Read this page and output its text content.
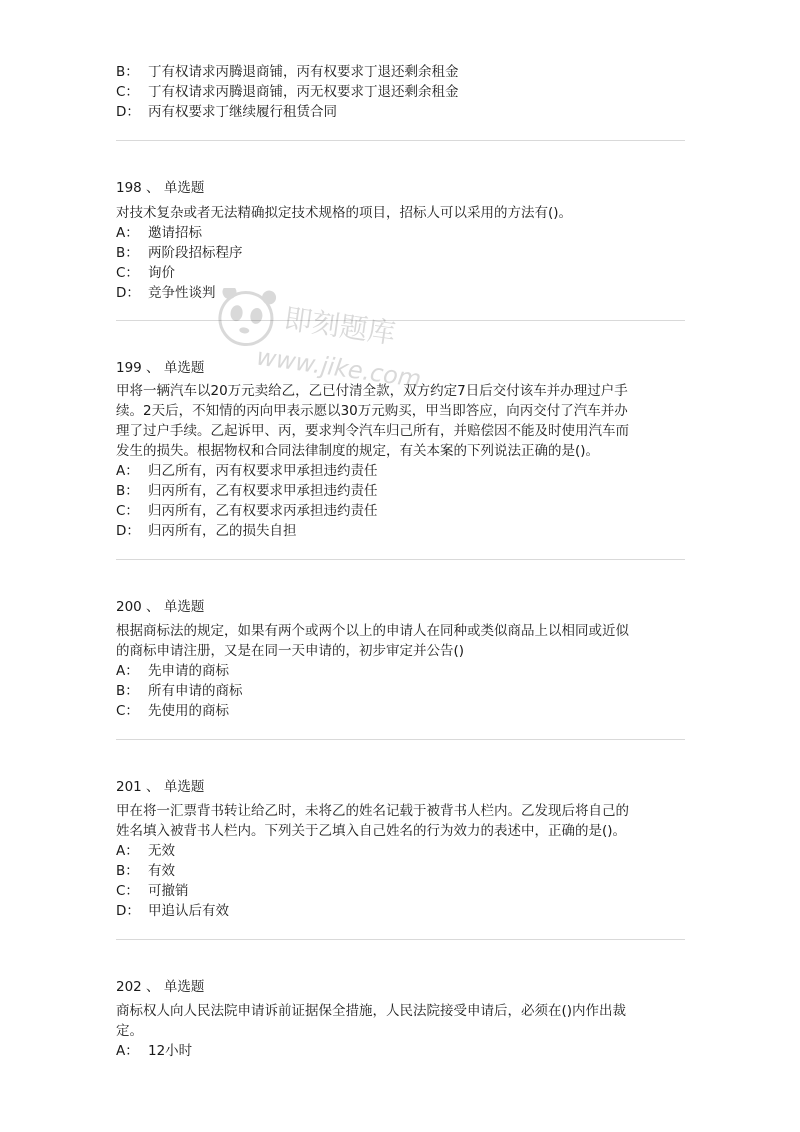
B： 丁有权请求丙腾退商铺，丙有权要求丁退还剩余租金
C： 丁有权请求丙腾退商铺，丙无权要求丁退还剩余租金
D： 丙有权要求丁继续履行租赁合同
198 、 单选题
对技术复杂或者无法精确拟定技术规格的项目，招标人可以采用的方法有()。
A： 邀请招标
B： 两阶段招标程序
C： 询价
D： 竞争性谈判
199 、 单选题
甲将一辆汽车以20万元卖给乙，乙已付清全款，双方约定7日后交付该车并办理过户手
续。2天后，不知情的丙向甲表示愿以30万元购买，甲当即答应，向丙交付了汽车并办
理了过户手续。乙起诉甲、丙，要求判令汽车归己所有，并赔偿因不能及时使用汽车而
发生的损失。根据物权和合同法律制度的规定，有关本案的下列说法正确的是()。
A： 归乙所有，丙有权要求甲承担违约责任
B： 归丙所有，乙有权要求甲承担违约责任
C： 归丙所有，乙有权要求丙承担违约责任
D： 归丙所有，乙的损失自担
200 、 单选题
根据商标法的规定，如果有两个或两个以上的申请人在同种或类似商品上以相同或近似
的商标申请注册，又是在同一天申请的，初步审定并公告()
A： 先申请的商标
B： 所有申请的商标
C： 先使用的商标
201 、 单选题
甲在将一汇票背书转让给乙时，未将乙的姓名记载于被背书人栏内。乙发现后将自己的
姓名填入被背书人栏内。下列关于乙填入自己姓名的行为效力的表述中，正确的是()。
A： 无效
B： 有效
C： 可撤销
D： 甲追认后有效
202 、 单选题
商标权人向人民法院申请诉前证据保全措施，人民法院接受申请后，必须在()内作出裁
定。
A： 12小时
即刻题库
www.jike.com
